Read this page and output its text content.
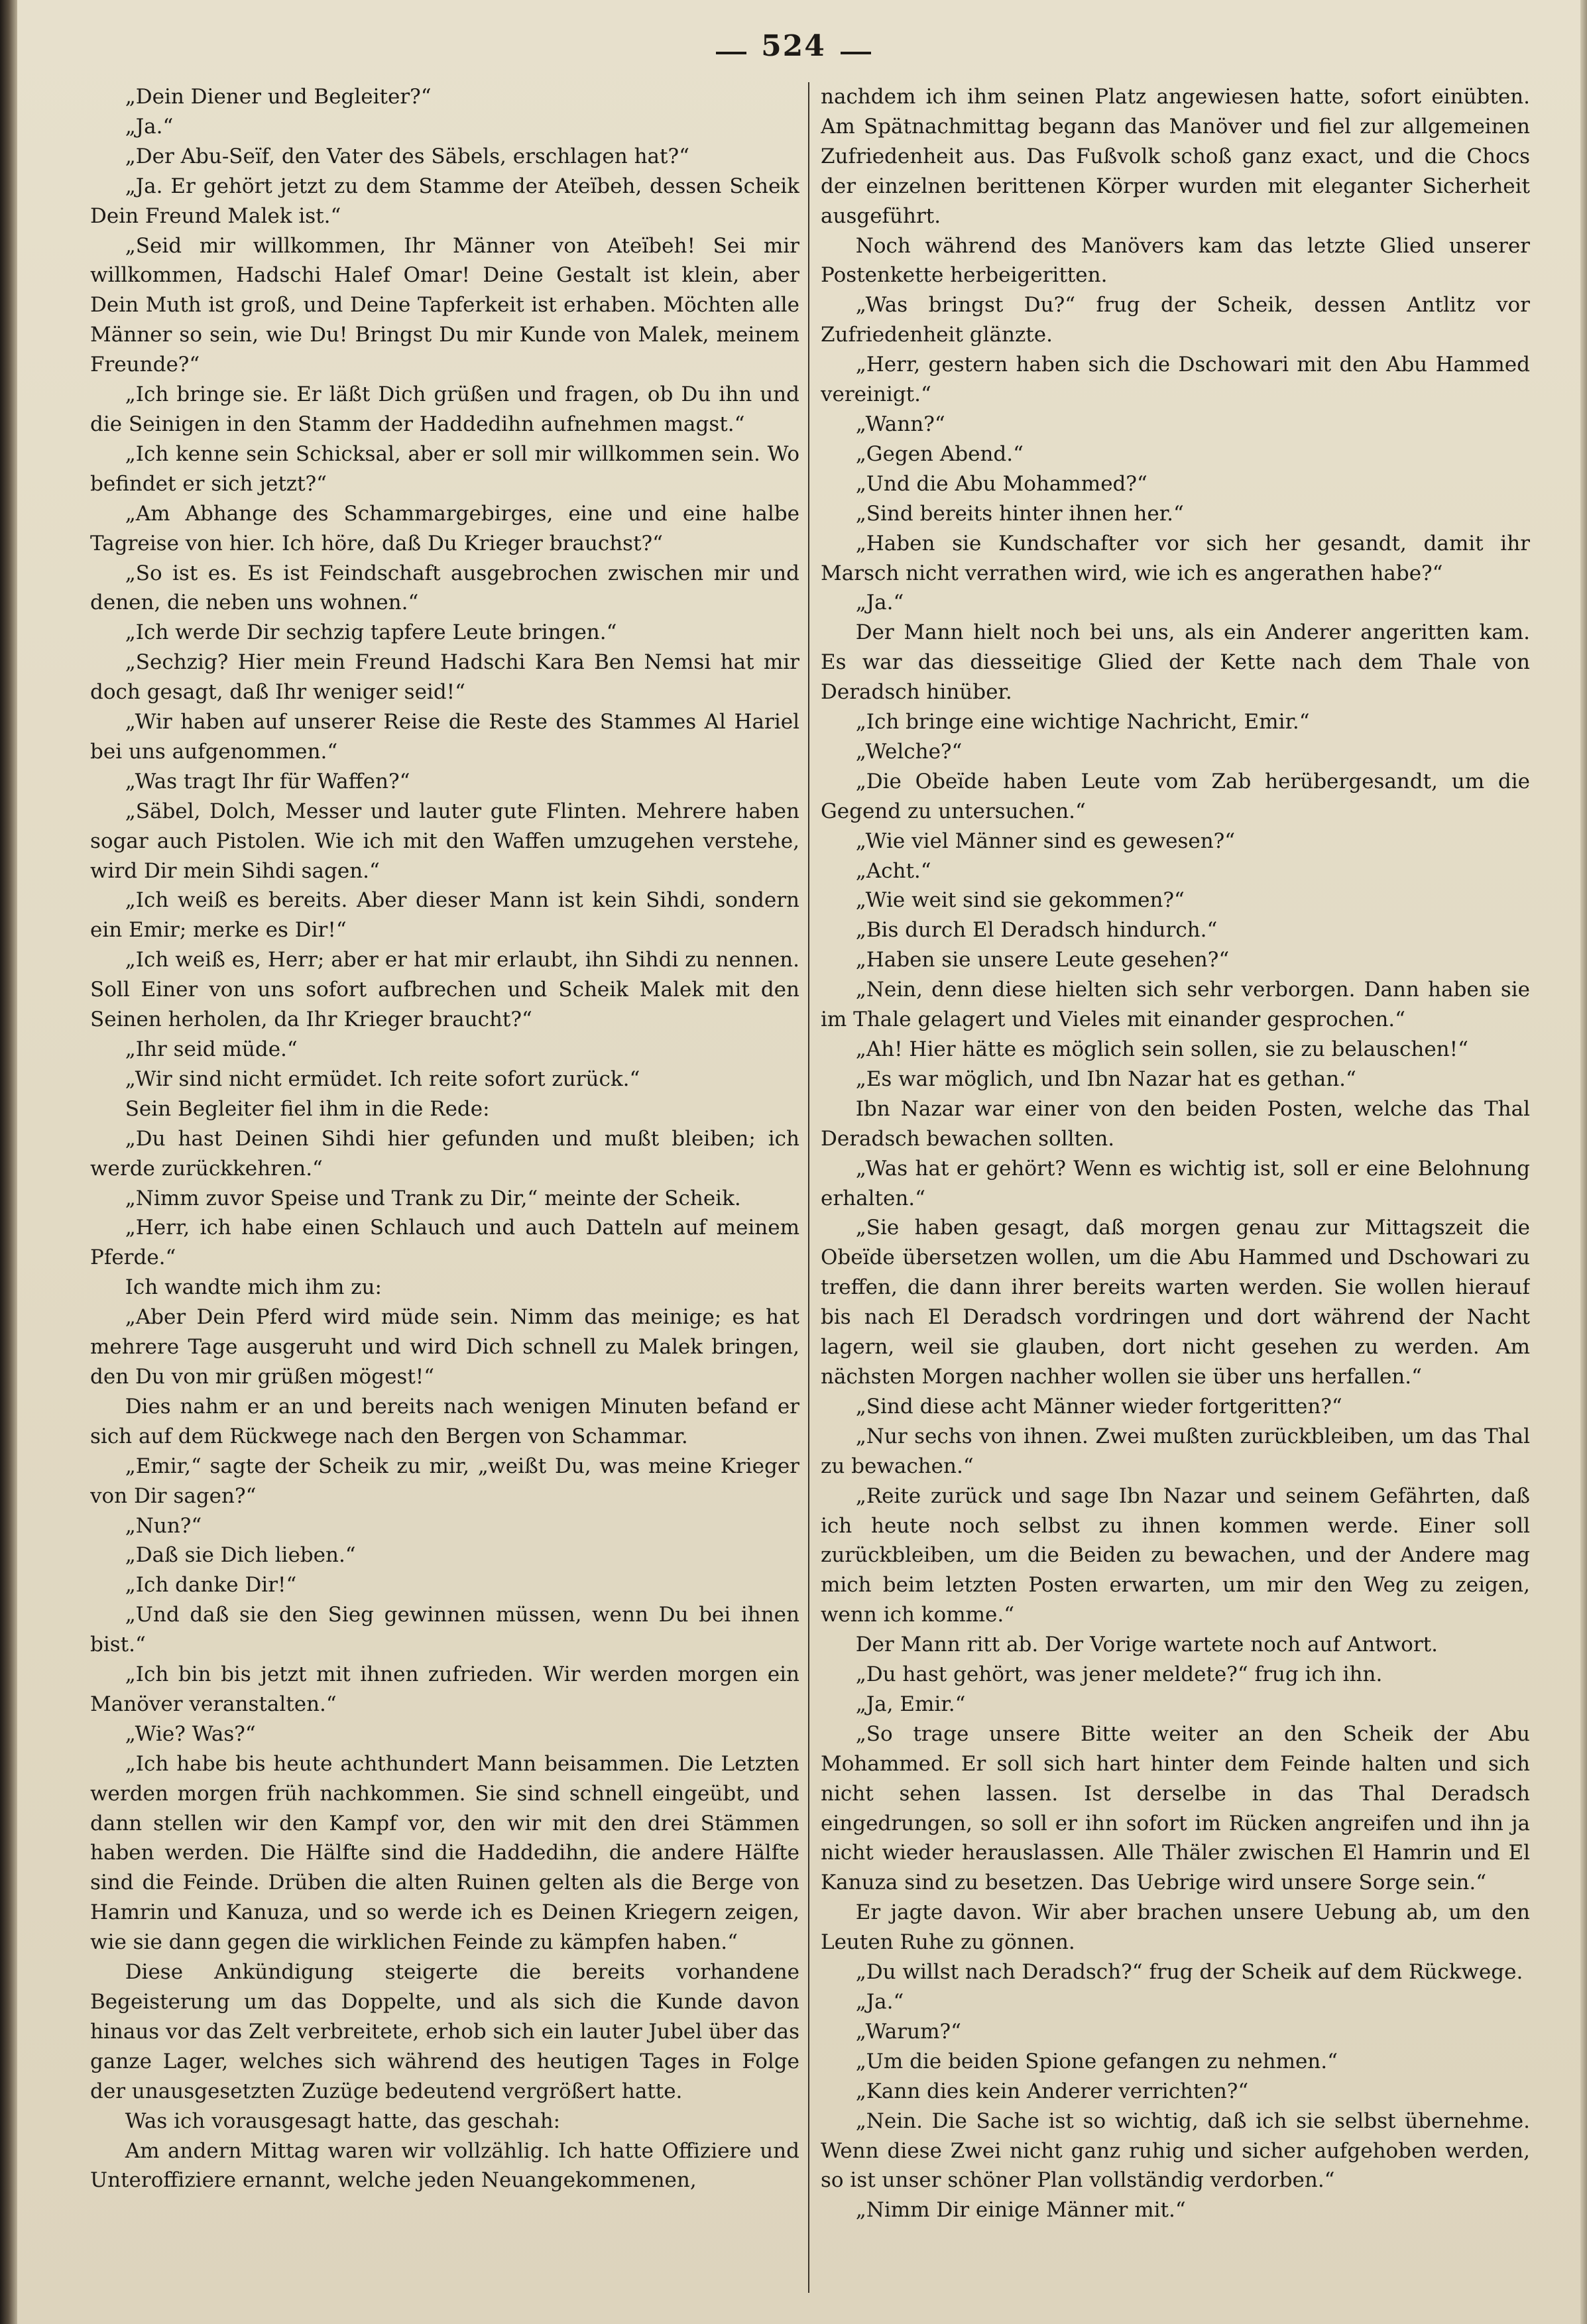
524

„Dein Diener und Begleiter?“

„Ja.“

„Der Abu-Seïf, den Vater des Säbels, erschlagen hat?“

„Ja. Er gehört jetzt zu dem Stamme der Ateïbeh, dessen Scheik Dein Freund Malek ist.“

„Seid mir willkommen, Ihr Männer von Ateïbeh! Sei mir willkommen, Hadschi Halef Omar! Deine Gestalt ist klein, aber Dein Muth ist groß, und Deine Tapferkeit ist erhaben. Möchten alle Männer so sein, wie Du! Bringst Du mir Kunde von Malek, meinem Freunde?“

„Ich bringe sie. Er läßt Dich grüßen und fragen, ob Du ihn und die Seinigen in den Stamm der Haddedihn aufnehmen magst.“

„Ich kenne sein Schicksal, aber er soll mir willkommen sein. Wo befindet er sich jetzt?“

„Am Abhange des Schammargebirges, eine und eine halbe Tagreise von hier. Ich höre, daß Du Krieger brauchst?“

„So ist es. Es ist Feindschaft ausgebrochen zwischen mir und denen, die neben uns wohnen.“

„Ich werde Dir sechzig tapfere Leute bringen.“

„Sechzig? Hier mein Freund Hadschi Kara Ben Nemsi hat mir doch gesagt, daß Ihr weniger seid!“

„Wir haben auf unserer Reise die Reste des Stammes Al Hariel bei uns aufgenommen.“

„Was tragt Ihr für Waffen?“

„Säbel, Dolch, Messer und lauter gute Flinten. Mehrere haben sogar auch Pistolen. Wie ich mit den Waffen umzugehen verstehe, wird Dir mein Sihdi sagen.“

„Ich weiß es bereits. Aber dieser Mann ist kein Sihdi, sondern ein Emir; merke es Dir!“

„Ich weiß es, Herr; aber er hat mir erlaubt, ihn Sihdi zu nennen. Soll Einer von uns sofort aufbrechen und Scheik Malek mit den Seinen herholen, da Ihr Krieger braucht?“

„Ihr seid müde.“

„Wir sind nicht ermüdet. Ich reite sofort zurück.“

Sein Begleiter fiel ihm in die Rede:

„Du hast Deinen Sihdi hier gefunden und mußt bleiben; ich werde zurückkehren.“

„Nimm zuvor Speise und Trank zu Dir,“ meinte der Scheik.

„Herr, ich habe einen Schlauch und auch Datteln auf meinem Pferde.“

Ich wandte mich ihm zu:

„Aber Dein Pferd wird müde sein. Nimm das meinige; es hat mehrere Tage ausgeruht und wird Dich schnell zu Malek bringen, den Du von mir grüßen mögest!“

Dies nahm er an und bereits nach wenigen Minuten befand er sich auf dem Rückwege nach den Bergen von Schammar.

„Emir,“ sagte der Scheik zu mir, „weißt Du, was meine Krieger von Dir sagen?“

„Nun?“

„Daß sie Dich lieben.“

„Ich danke Dir!“

„Und daß sie den Sieg gewinnen müssen, wenn Du bei ihnen bist.“

„Ich bin bis jetzt mit ihnen zufrieden. Wir werden morgen ein Manöver veranstalten.“

„Wie? Was?“

„Ich habe bis heute achthundert Mann beisammen. Die Letzten werden morgen früh nachkommen. Sie sind schnell eingeübt, und dann stellen wir den Kampf vor, den wir mit den drei Stämmen haben werden. Die Hälfte sind die Haddedihn, die andere Hälfte sind die Feinde. Drüben die alten Ruinen gelten als die Berge von Hamrin und Kanuza, und so werde ich es Deinen Kriegern zeigen, wie sie dann gegen die wirklichen Feinde zu kämpfen haben.“

Diese Ankündigung steigerte die bereits vorhandene Begeisterung um das Doppelte, und als sich die Kunde davon hinaus vor das Zelt verbreitete, erhob sich ein lauter Jubel über das ganze Lager, welches sich während des heutigen Tages in Folge der unausgesetzten Zuzüge bedeutend vergrößert hatte.

Was ich vorausgesagt hatte, das geschah:

Am andern Mittag waren wir vollzählig. Ich hatte Offiziere und Unteroffiziere ernannt, welche jeden Neuangekommenen,

nachdem ich ihm seinen Platz angewiesen hatte, sofort einübten. Am Spätnachmittag begann das Manöver und fiel zur allgemeinen Zufriedenheit aus. Das Fußvolk schoß ganz exact, und die Chocs der einzelnen berittenen Körper wurden mit eleganter Sicherheit ausgeführt.

Noch während des Manövers kam das letzte Glied unserer Postenkette herbeigeritten.

„Was bringst Du?“ frug der Scheik, dessen Antlitz vor Zufriedenheit glänzte.

„Herr, gestern haben sich die Dschowari mit den Abu Hammed vereinigt.“

„Wann?“

„Gegen Abend.“

„Und die Abu Mohammed?“

„Sind bereits hinter ihnen her.“

„Haben sie Kundschafter vor sich her gesandt, damit ihr Marsch nicht verrathen wird, wie ich es angerathen habe?“

„Ja.“

Der Mann hielt noch bei uns, als ein Anderer angeritten kam. Es war das diesseitige Glied der Kette nach dem Thale von Deradsch hinüber.

„Ich bringe eine wichtige Nachricht, Emir.“

„Welche?“

„Die Obeïde haben Leute vom Zab herübergesandt, um die Gegend zu untersuchen.“

„Wie viel Männer sind es gewesen?“

„Acht.“

„Wie weit sind sie gekommen?“

„Bis durch El Deradsch hindurch.“

„Haben sie unsere Leute gesehen?“

„Nein, denn diese hielten sich sehr verborgen. Dann haben sie im Thale gelagert und Vieles mit einander gesprochen.“

„Ah! Hier hätte es möglich sein sollen, sie zu belauschen!“

„Es war möglich, und Ibn Nazar hat es gethan.“

Ibn Nazar war einer von den beiden Posten, welche das Thal Deradsch bewachen sollten.

„Was hat er gehört? Wenn es wichtig ist, soll er eine Belohnung erhalten.“

„Sie haben gesagt, daß morgen genau zur Mittagszeit die Obeïde übersetzen wollen, um die Abu Hammed und Dschowari zu treffen, die dann ihrer bereits warten werden. Sie wollen hierauf bis nach El Deradsch vordringen und dort während der Nacht lagern, weil sie glauben, dort nicht gesehen zu werden. Am nächsten Morgen nachher wollen sie über uns herfallen.“

„Sind diese acht Männer wieder fortgeritten?“

„Nur sechs von ihnen. Zwei mußten zurückbleiben, um das Thal zu bewachen.“

„Reite zurück und sage Ibn Nazar und seinem Gefährten, daß ich heute noch selbst zu ihnen kommen werde. Einer soll zurückbleiben, um die Beiden zu bewachen, und der Andere mag mich beim letzten Posten erwarten, um mir den Weg zu zeigen, wenn ich komme.“

Der Mann ritt ab. Der Vorige wartete noch auf Antwort.

„Du hast gehört, was jener meldete?“ frug ich ihn.

„Ja, Emir.“

„So trage unsere Bitte weiter an den Scheik der Abu Mohammed. Er soll sich hart hinter dem Feinde halten und sich nicht sehen lassen. Ist derselbe in das Thal Deradsch eingedrungen, so soll er ihn sofort im Rücken angreifen und ihn ja nicht wieder herauslassen. Alle Thäler zwischen El Hamrin und El Kanuza sind zu besetzen. Das Uebrige wird unsere Sorge sein.“

Er jagte davon. Wir aber brachen unsere Uebung ab, um den Leuten Ruhe zu gönnen.

„Du willst nach Deradsch?“ frug der Scheik auf dem Rückwege.

„Ja.“

„Warum?“

„Um die beiden Spione gefangen zu nehmen.“

„Kann dies kein Anderer verrichten?“

„Nein. Die Sache ist so wichtig, daß ich sie selbst übernehme. Wenn diese Zwei nicht ganz ruhig und sicher aufgehoben werden, so ist unser schöner Plan vollständig verdorben.“

„Nimm Dir einige Männer mit.“
